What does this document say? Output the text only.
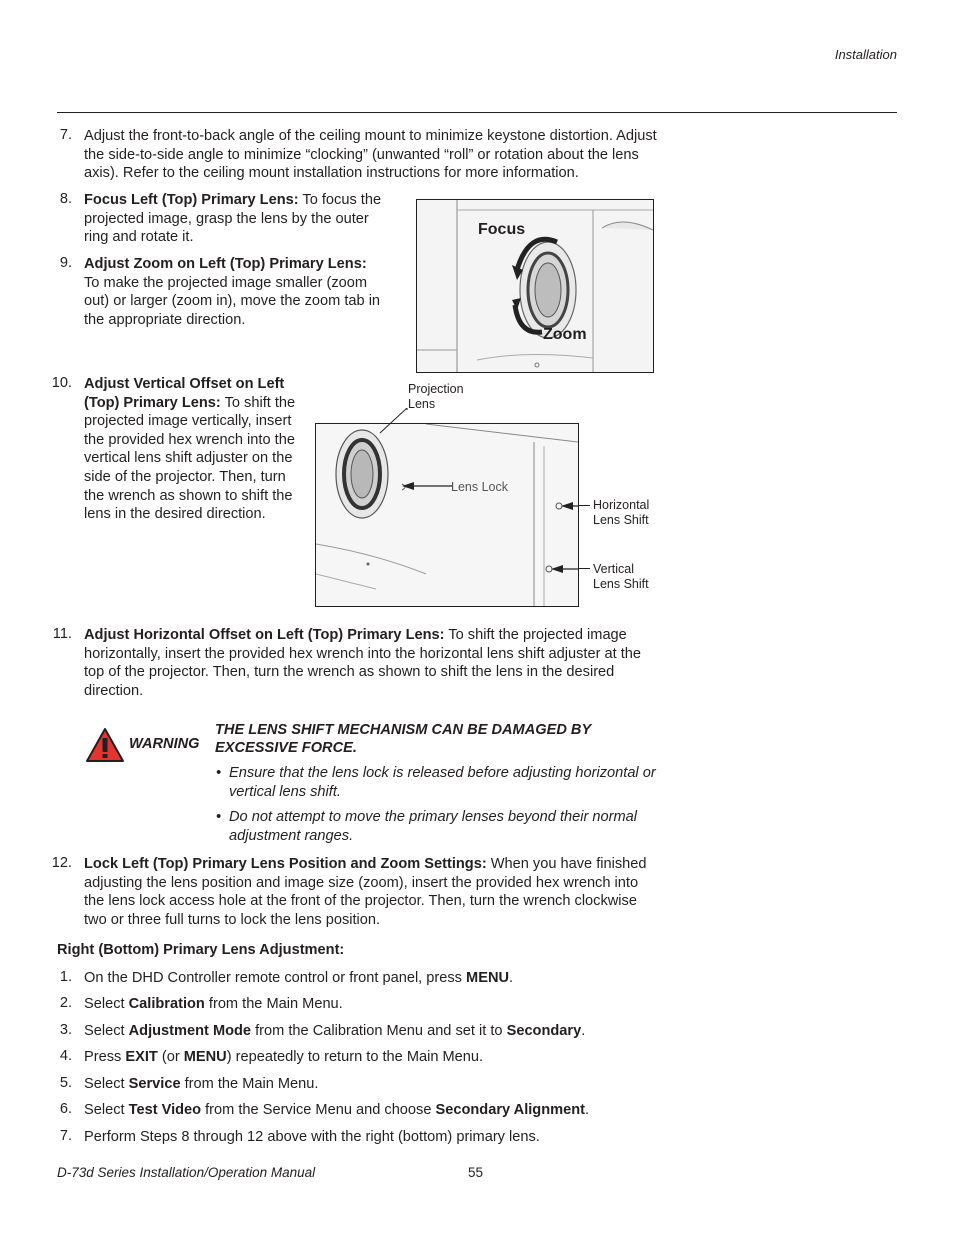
Installation
7. Adjust the front-to-back angle of the ceiling mount to minimize keystone distortion. Adjust the side-to-side angle to minimize “clocking” (unwanted “roll” or rotation about the lens axis). Refer to the ceiling mount installation instructions for more information.
8. Focus Left (Top) Primary Lens: To focus the projected image, grasp the lens by the outer ring and rotate it.
9. Adjust Zoom on Left (Top) Primary Lens: To make the projected image smaller (zoom out) or larger (zoom in), move the zoom tab in the appropriate direction.
Focus
Zoom
10. Adjust Vertical Offset on Left (Top) Primary Lens: To shift the projected image vertically, insert the provided hex wrench into the vertical lens shift adjuster on the side of the projector. Then, turn the wrench as shown to shift the lens in the desired direction.
Projection Lens
Lens Lock
Horizontal Lens Shift
Vertical Lens Shift
11. Adjust Horizontal Offset on Left (Top) Primary Lens: To shift the projected image horizontally, insert the provided hex wrench into the horizontal lens shift adjuster at the top of the projector. Then, turn the wrench as shown to shift the lens in the desired direction.
WARNING
THE LENS SHIFT MECHANISM CAN BE DAMAGED BY EXCESSIVE FORCE.
• Ensure that the lens lock is released before adjusting horizontal or vertical lens shift.
• Do not attempt to move the primary lenses beyond their normal adjustment ranges.
12. Lock Left (Top) Primary Lens Position and Zoom Settings: When you have finished adjusting the lens position and image size (zoom), insert the provided hex wrench into the lens lock access hole at the front of the projector. Then, turn the wrench clockwise two or three full turns to lock the lens position.
Right (Bottom) Primary Lens Adjustment:
1. On the DHD Controller remote control or front panel, press MENU.
2. Select Calibration from the Main Menu.
3. Select Adjustment Mode from the Calibration Menu and set it to Secondary.
4. Press EXIT (or MENU) repeatedly to return to the Main Menu.
5. Select Service from the Main Menu.
6. Select Test Video from the Service Menu and choose Secondary Alignment.
7. Perform Steps 8 through 12 above with the right (bottom) primary lens.
D-73d Series Installation/Operation Manual	55
